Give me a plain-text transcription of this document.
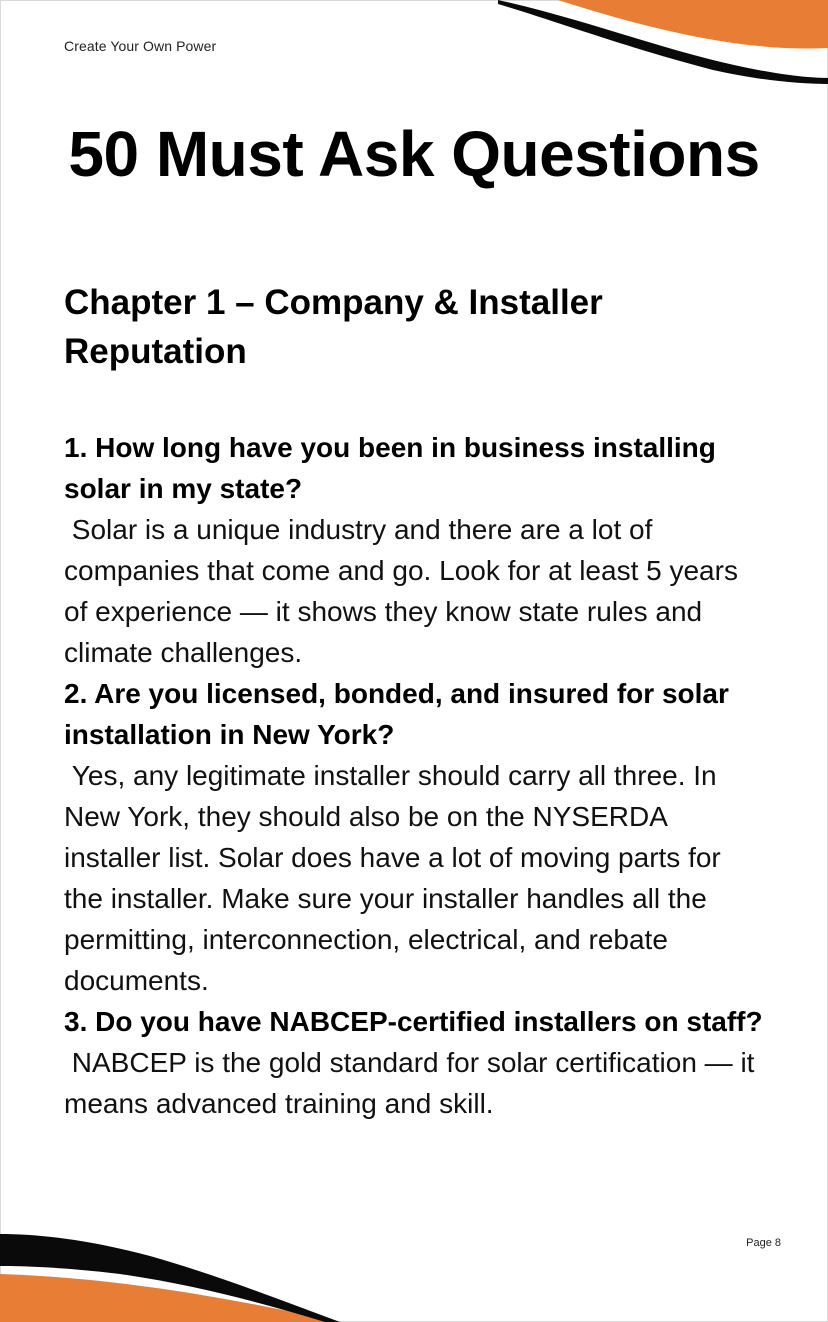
Create Your Own Power
50 Must Ask Questions
Chapter 1 – Company & Installer Reputation

1. How long have you been in business installing solar in my state?

Solar is a unique industry and there are a lot of companies that come and go. Look for at least 5 years of experience — it shows they know state rules and climate challenges.

2. Are you licensed, bonded, and insured for solar installation in New York?

Yes, any legitimate installer should carry all three. In New York, they should also be on the NYSERDA installer list. Solar does have a lot of moving parts for the installer. Make sure your installer handles all the permitting, interconnection, electrical, and rebate documents.

3. Do you have NABCEP-certified installers on staff?

NABCEP is the gold standard for solar certification — it means advanced training and skill.

Page 8
